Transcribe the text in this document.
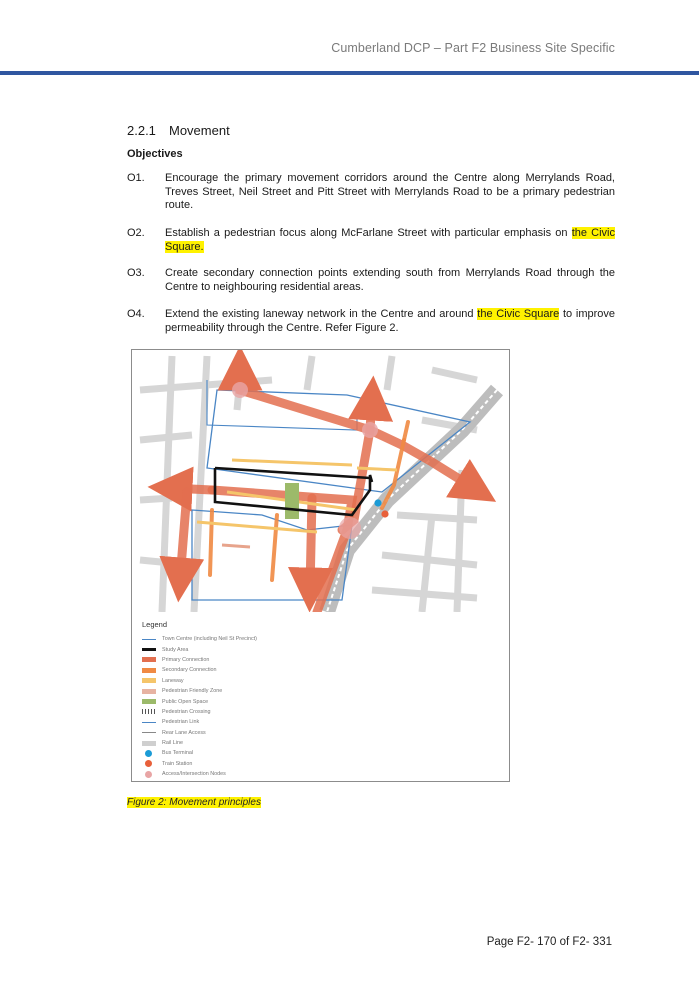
Cumberland DCP – Part F2 Business Site Specific
2.2.1 Movement
Objectives
O1. Encourage the primary movement corridors around the Centre along Merrylands Road, Treves Street, Neil Street and Pitt Street with Merrylands Road to be a primary pedestrian route.
O2. Establish a pedestrian focus along McFarlane Street with particular emphasis on the Civic Square.
O3. Create secondary connection points extending south from Merrylands Road through the Centre to neighbouring residential areas.
O4. Extend the existing laneway network in the Centre and around the Civic Square to improve permeability through the Centre. Refer Figure 2.
Legend
Town Centre (including Neil St Precinct)
Study Area
Primary Connection
Secondary Connection
Laneway
Pedestrian Friendly Zone
Public Open Space
Pedestrian Crossing
Pedestrian Link
Rear Lane Access
Rail Line
Bus Terminal
Train Station
Access/Intersection Nodes
Figure 2: Movement principles
Page F2- 170 of F2- 331
